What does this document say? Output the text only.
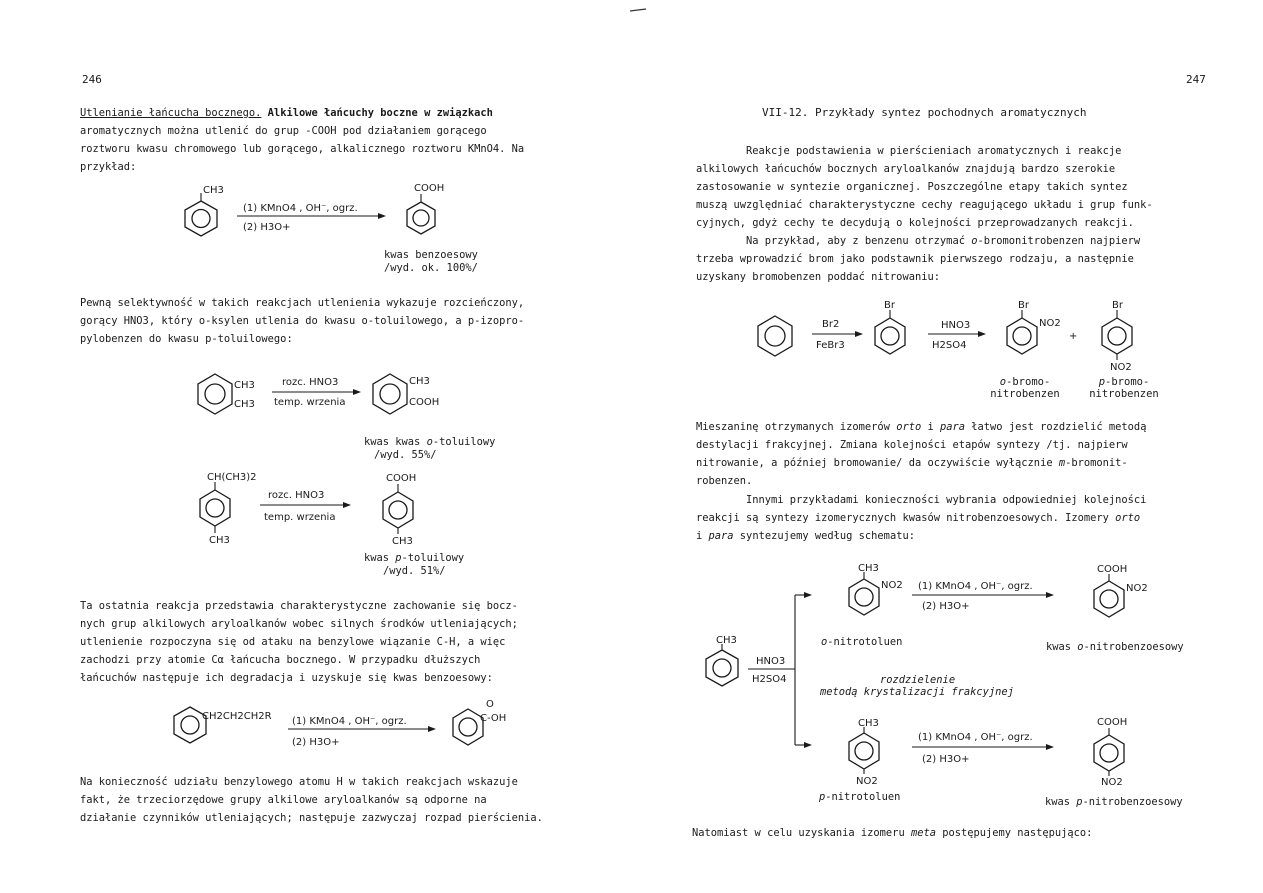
246
Utlenianie łańcucha bocznego. Alkilowe łańcuchy boczne w związkach
aromatycznych można utlenić do grup -COOH pod działaniem gorącego
roztworu kwasu chromowego lub gorącego, alkalicznego roztworu KMnO4. Na
przykład:
CH3
(1) KMnO4 , OH⁻, ogrz.
(2) H3O+
COOH
kwas benzoesowy
/wyd. ok. 100%/
Pewną selektywność w takich reakcjach utlenienia wykazuje rozcieńczony,
gorący HNO3, który o-ksylen utlenia do kwasu o-toluilowego, a p-izopro-
pylobenzen do kwasu p-toluilowego:
CH3
CH3
rozc. HNO3
temp. wrzenia
CH3
COOH
kwas kwas o-toluilowy
/wyd. 55%/
CH(CH3)2
CH3
rozc. HNO3
temp. wrzenia
COOH
CH3
kwas p-toluilowy
/wyd. 51%/
Ta ostatnia reakcja przedstawia charakterystyczne zachowanie się bocz-
nych grup alkilowych aryloalkanów wobec silnych środków utleniających;
utlenienie rozpoczyna się od ataku na benzylowe wiązanie C-H, a więc
zachodzi przy atomie Cα łańcucha bocznego. W przypadku dłuższych
łańcuchów następuje ich degradacja i uzyskuje się kwas benzoesowy:
CH2CH2CH2R (1) KMnO4 , OH⁻, ogrz.
(2) H3O+
O
C-OH
Na konieczność udziału benzylowego atomu H w takich reakcjach wskazuje
fakt, że trzeciorzędowe grupy alkilowe aryloalkanów są odporne na
działanie czynników utleniających; następuje zazwyczaj rozpad pierścienia.
247
VII-12. Przykłady syntez pochodnych aromatycznych
Reakcje podstawienia w pierścieniach aromatycznych i reakcje
alkilowych łańcuchów bocznych aryloalkanów znajdują bardzo szerokie
zastosowanie w syntezie organicznej. Poszczególne etapy takich syntez
muszą uwzględniać charakterystyczne cechy reagującego układu i grup funk-
cyjnych, gdyż cechy te decydują o kolejności przeprowadzanych reakcji.
Na przykład, aby z benzenu otrzymać o-bromonitrobenzen najpierw
trzeba wprowadzić brom jako podstawnik pierwszego rodzaju, a następnie
uzyskany bromobenzen poddać nitrowaniu:
Br2
FeBr3
Br
HNO3
H2SO4
Br
NO2
+
Br
NO2
o-bromo-
nitrobenzen
p-bromo-
nitrobenzen
Mieszaninę otrzymanych izomerów orto i para łatwo jest rozdzielić metodą
destylacji frakcyjnej. Zmiana kolejności etapów syntezy /tj. najpierw
nitrowanie, a później bromowanie/ da oczywiście wyłącznie m-bromonit-
robenzen.
Innymi przykładami konieczności wybrania odpowiedniej kolejności
reakcji są syntezy izomerycznych kwasów nitrobenzoesowych. Izomery orto
i para syntezujemy według schematu:
CH3
HNO3
H2SO4
CH3
NO2 (1) KMnO4 , OH⁻, ogrz.
(2) H3O+
COOH
NO2
CH3
NO2
(1) KMnO4 , OH⁻, ogrz.
(2) H3O+
COOH
NO2
o-nitrotoluen	kwas o-nitrobenzoesowy
rozdzielenie
metodą krystalizacji frakcyjnej
p-nitrotoluen	kwas p-nitrobenzoesowy
Natomiast w celu uzyskania izomeru meta postępujemy następująco:
